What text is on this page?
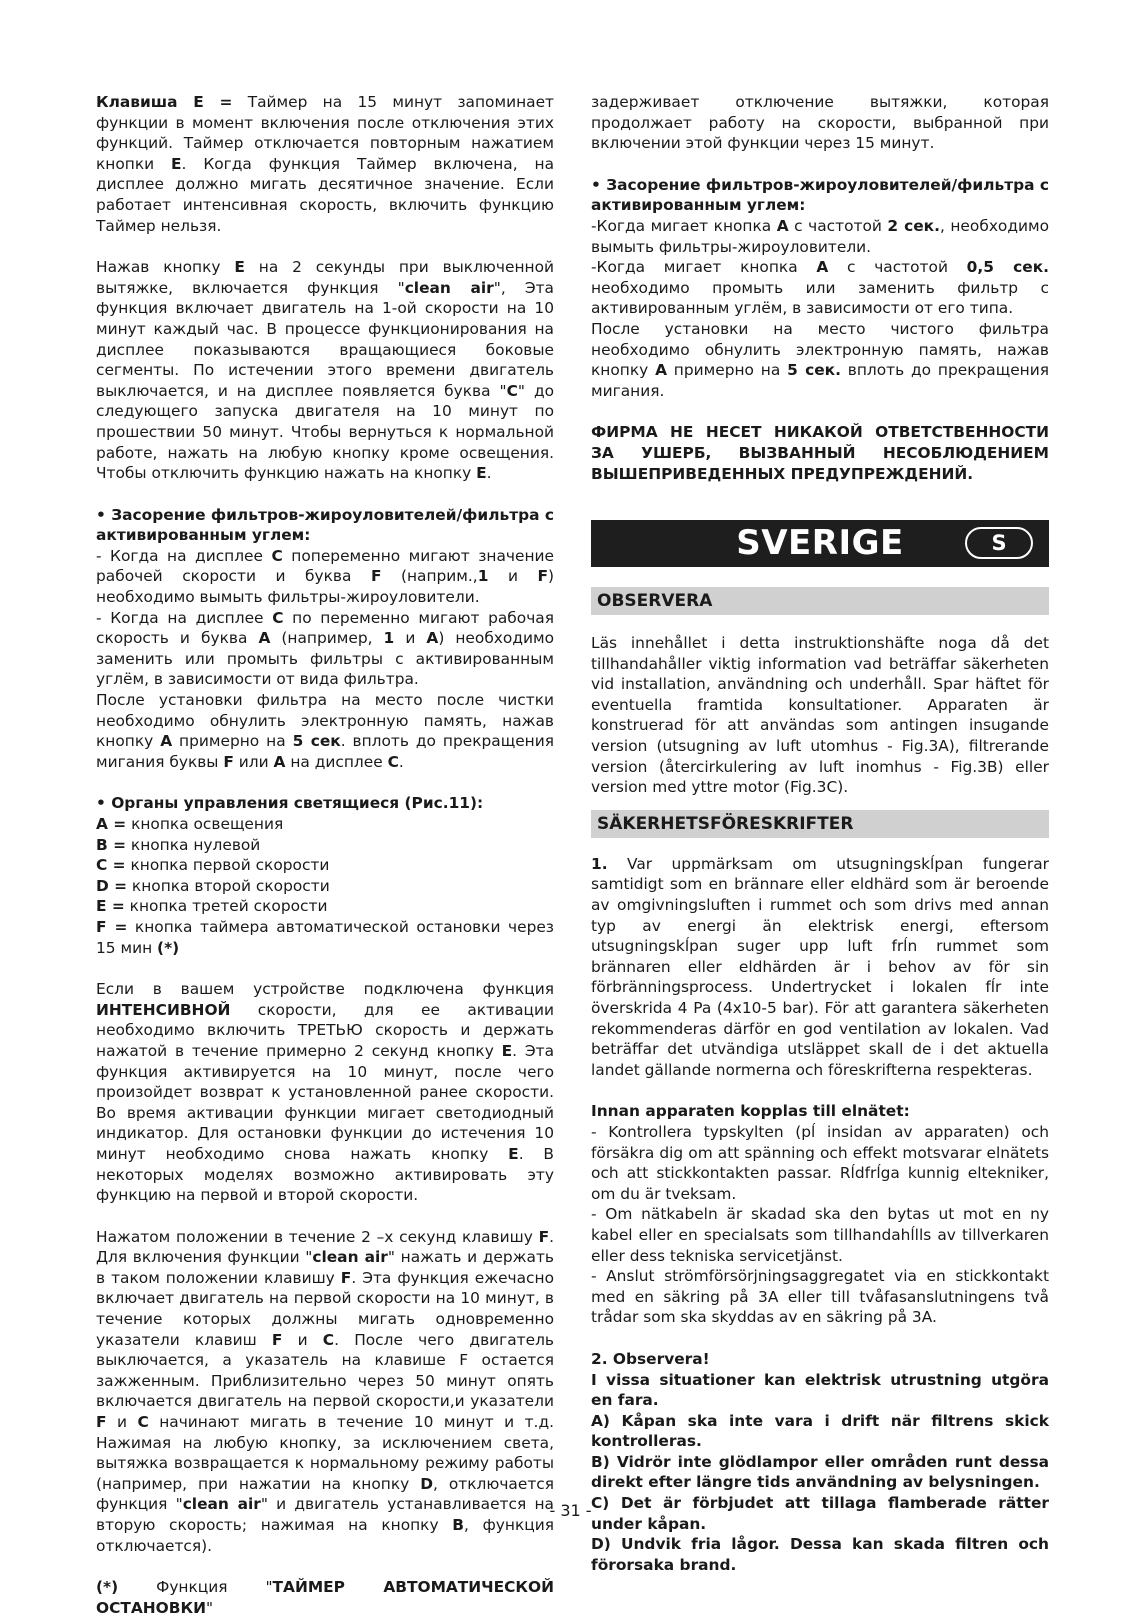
Клавиша E = Таймер на 15 минут запоминает функции в момент включения после отключения этих функций. Таймер отключается повторным нажатием кнопки E. Когда функция Таймер включена, на дисплее должно мигать десятичное значение. Если работает интенсивная скорость, включить функцию Таймер нельзя.

Нажав кнопку E на 2 секунды при выключенной вытяжке, включается функция "clean air", Эта функция включает двигатель на 1-ой скорости на 10 минут каждый час. В процессе функционирования на дисплее показываются вращающиеся боковые сегменты. По истечении этого времени двигатель выключается, и на дисплее появляется буква "C" до следующего запуска двигателя на 10 минут по прошествии 50 минут. Чтобы вернуться к нормальной работе, нажать на любую кнопку кроме освещения. Чтобы отключить функцию нажать на кнопку E.

• Засорение фильтров-жироуловителей/фильтра с активированным углем:

- Когда на дисплее C попеременно мигают значение рабочей скорости и буква F (наприм.,1 и F) необходимо вымыть фильтры-жироуловители.

- Когда на дисплее C по переменно мигают рабочая скорость и буква A (например, 1 и A) необходимо заменить или промыть фильтры с активированным углём, в зависимости от вида фильтра.

После установки фильтра на место после чистки необходимо обнулить электронную память, нажав кнопку A примерно на 5 сек. вплоть до прекращения мигания буквы F или A на дисплее C.

• Органы управления светящиеся (Рис.11):

A = кнопка освещения

B = кнопка нулевой

C = кнопка первой скорости

D = кнопка второй скорости

E = кнопка третей скорости

F = кнопка таймера автоматической остановки через 15 мин (*)

Если в вашем устройстве подключена функция ИНТЕНСИВНОЙ скорости, для ее активации необходимо включить ТРЕТЬЮ скорость и держать нажатой в течение примерно 2 секунд кнопку E. Эта функция активируется на 10 минут, после чего произойдет возврат к установленной ранее скорости. Во время активации функции мигает светодиодный индикатор. Для остановки функции до истечения 10 минут необходимо снова нажать кнопку E. В некоторых моделях возможно активировать эту функцию на первой и второй скорости.

Нажатом положении в течение 2 –х секунд клавишу F. Для включения функции "clean air" нажать и держать в таком положении клавишу F. Эта функция ежечасно включает двигатель на первой скорости на 10 минут, в течение которых должны мигать одновременно указатели клавиш F и C. После чего двигатель выключается, а указатель на клавише F остается зажженным. Приблизительно через 50 минут опять включается двигатель на первой скорости,и указатели F и C начинают мигать в течение 10 минут и т.д. Нажимая на любую кнопку, за исключением света, вытяжка возвращается к нормальному режиму работы (например, при нажатии на кнопку D, отключается функция "clean air" и двигатель устанавливается на вторую скорость; нажимая на кнопку B, функция отключается).

(*) Функция "ТАЙМЕР АВТОМАТИЧЕСКОЙ ОСТАНОВКИ"

задерживает отключение вытяжки, которая продолжает работу на скорости, выбранной при включении этой функции через 15 минут.

• Засорение фильтров-жироуловителей/фильтра с активированным углем:

-Когда мигает кнопка A с частотой 2 сек., необходимо вымыть фильтры-жироуловители.

-Когда мигает кнопка A с частотой 0,5 сек. необходимо промыть или заменить фильтр с активированным углём, в зависимости от его типа.

После установки на место чистого фильтра необходимо обнулить электронную память, нажав кнопку A примерно на 5 сек. вплоть до прекращения мигания.

ФИРМА НЕ НЕСЕТ НИКАКОЙ ОТВЕТСТВЕННОСТИ ЗА УШЕРБ, ВЫЗВАННЫЙ НЕСОБЛЮДЕНИЕМ ВЫШЕПРИВЕДЕННЫХ ПРЕДУПРЕЖДЕНИЙ.

SVERIGE	S
OBSERVERA

Läs innehållet i detta instruktionshäfte noga då det tillhandahåller viktig information vad beträffar säkerheten vid installation, användning och underhåll. Spar häftet för eventuella framtida konsultationer. Apparaten är konstruerad för att användas som antingen insugande version (utsugning av luft utomhus - Fig.3A), filtrerande version (återcirkulering av luft inomhus - Fig.3B) eller version med yttre motor (Fig.3C).

SÄKERHETSFÖRESKRIFTER

1. Var uppmärksam om utsugningskĺpan fungerar samtidigt som en brännare eller eldhärd som är beroende av omgivningsluften i rummet och som drivs med annan typ av energi än elektrisk energi, eftersom utsugningskĺpan suger upp luft frĺn rummet som brännaren eller eldhärden är i behov av för sin förbränningsprocess. Undertrycket i lokalen fĺr inte överskrida 4 Pa (4x10-5 bar). För att garantera säkerheten rekommenderas därför en god ventilation av lokalen. Vad beträffar det utvändiga utsläppet skall de i det aktuella landet gällande normerna och föreskrifterna respekteras.

Innan apparaten kopplas till elnätet:

- Kontrollera typskylten (pĺ insidan av apparaten) och försäkra dig om att spänning och effekt motsvarar elnätets och att stickkontakten passar. Rĺdfrĺga kunnig eltekniker, om du är tveksam.

- Om nätkabeln är skadad ska den bytas ut mot en ny kabel eller en specialsats som tillhandahĺlls av tillverkaren eller dess tekniska servicetjänst.

- Anslut strömförsörjningsaggregatet via en stickkontakt med en säkring på 3A eller till tvåfasanslutningens två trådar som ska skyddas av en säkring på 3A.

2. Observera!

I vissa situationer kan elektrisk utrustning utgöra en fara.

A) Kåpan ska inte vara i drift när filtrens skick kontrolleras.

B) Vidrör inte glödlampor eller områden runt dessa direkt efter längre tids användning av belysningen.

C) Det är förbjudet att tillaga flamberade rätter under kåpan.

D) Undvik fria lågor. Dessa kan skada filtren och förorsaka brand.

- 31 -
